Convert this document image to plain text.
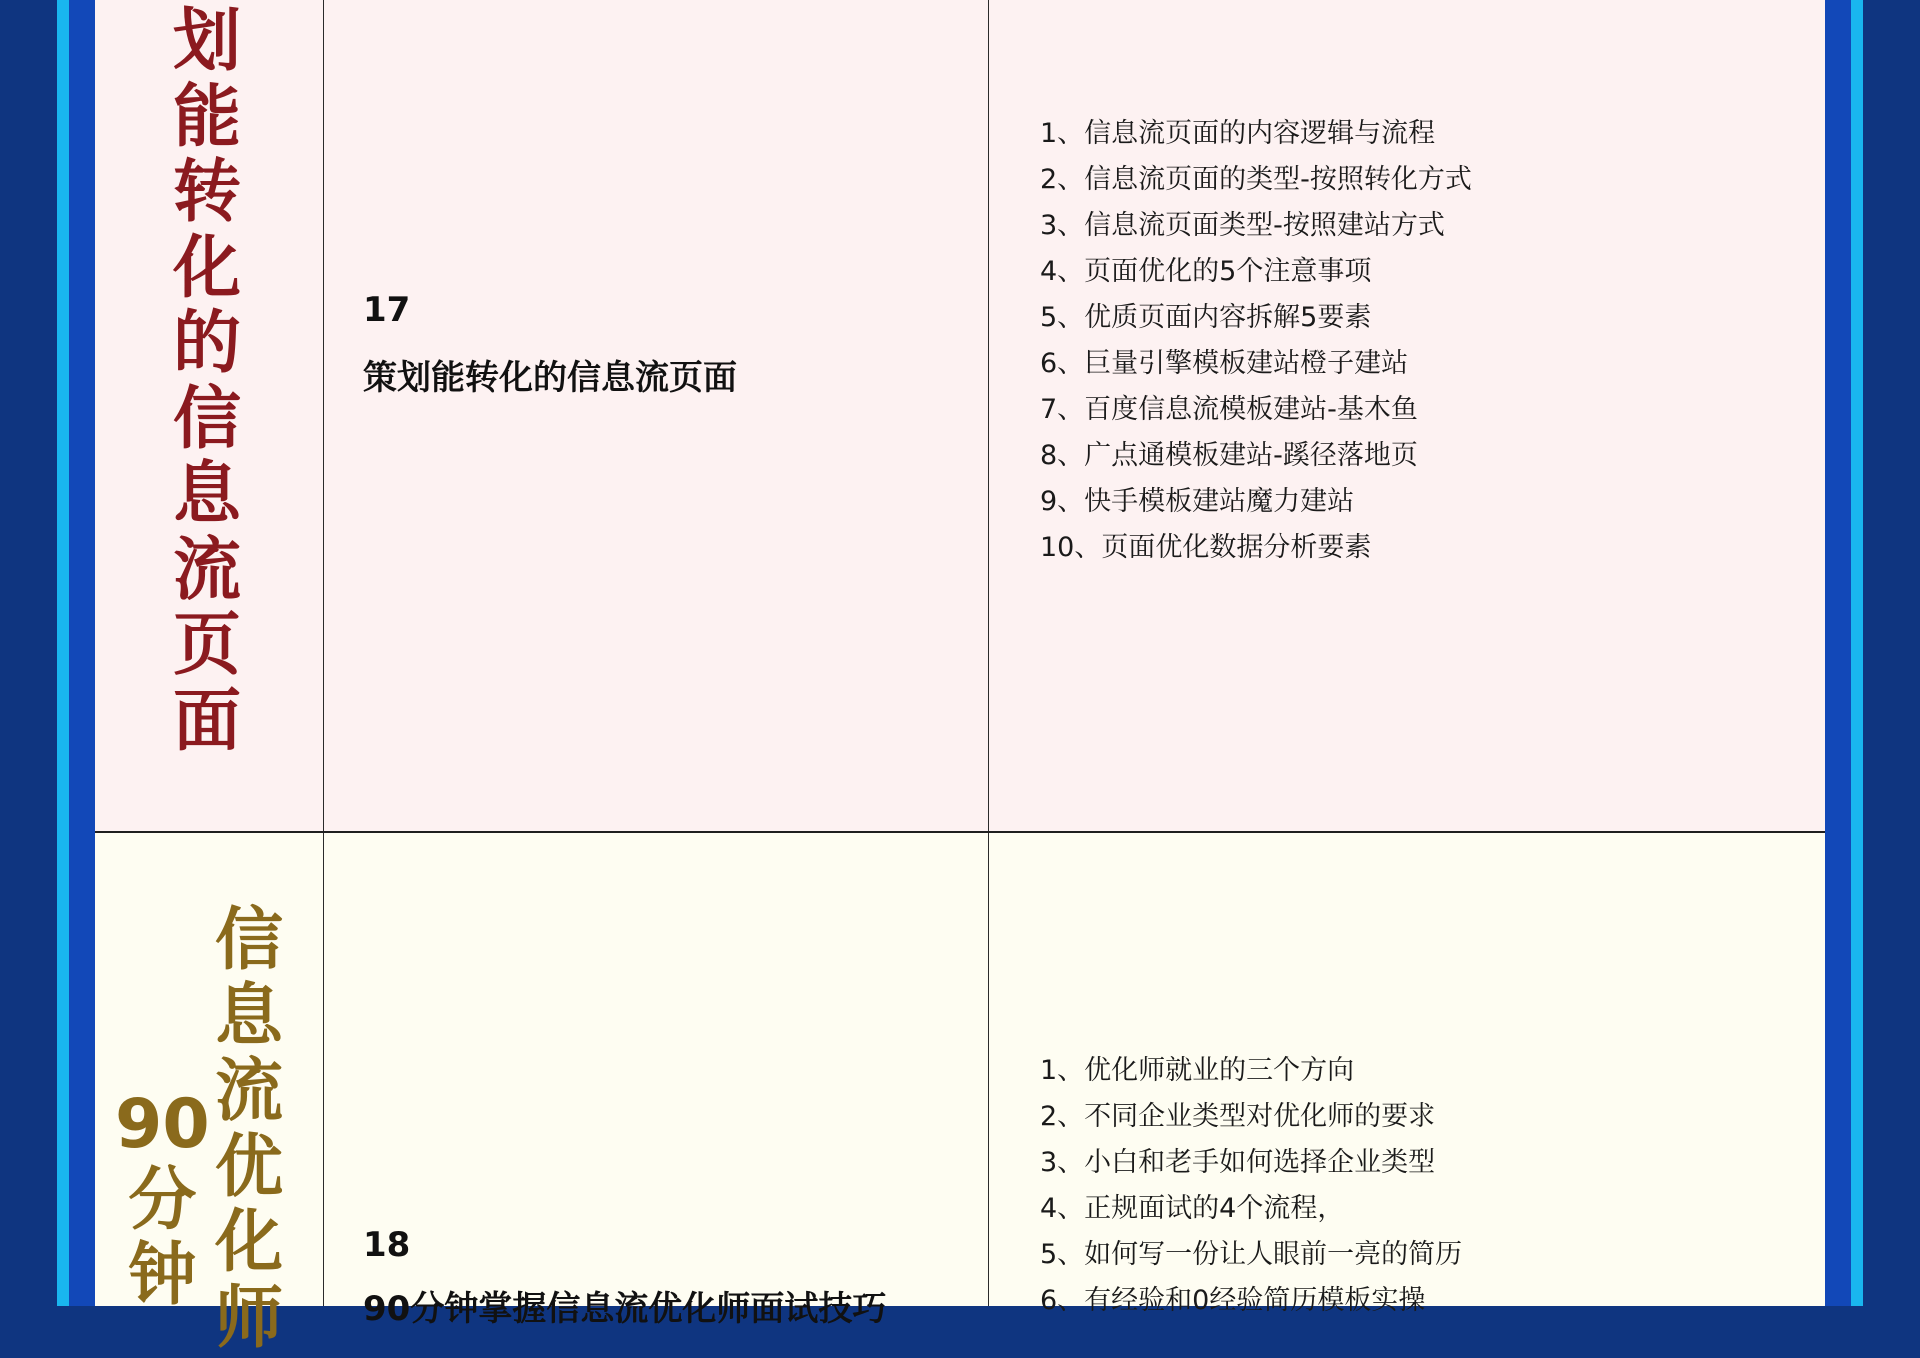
划
能
转
化
的
信
息
流
页
面
17
策划能转化的信息流页面
1、信息流页面的内容逻辑与流程
2、信息流页面的类型-按照转化方式
3、信息流页面类型-按照建站方式
4、页面优化的5个注意事项
5、优质页面内容拆解5要素
6、巨量引擎模板建站橙子建站
7、百度信息流模板建站-基木鱼
8、广点通模板建站-蹊径落地页
9、快手模板建站魔力建站
10、页面优化数据分析要素
90
分
钟
信
息
流
优
化
师
18
90分钟掌握信息流优化师面试技巧
1、优化师就业的三个方向
2、不同企业类型对优化师的要求
3、小白和老手如何选择企业类型
4、正规面试的4个流程，
5、如何写一份让人眼前一亮的简历
6、有经验和0经验简历模板实操
